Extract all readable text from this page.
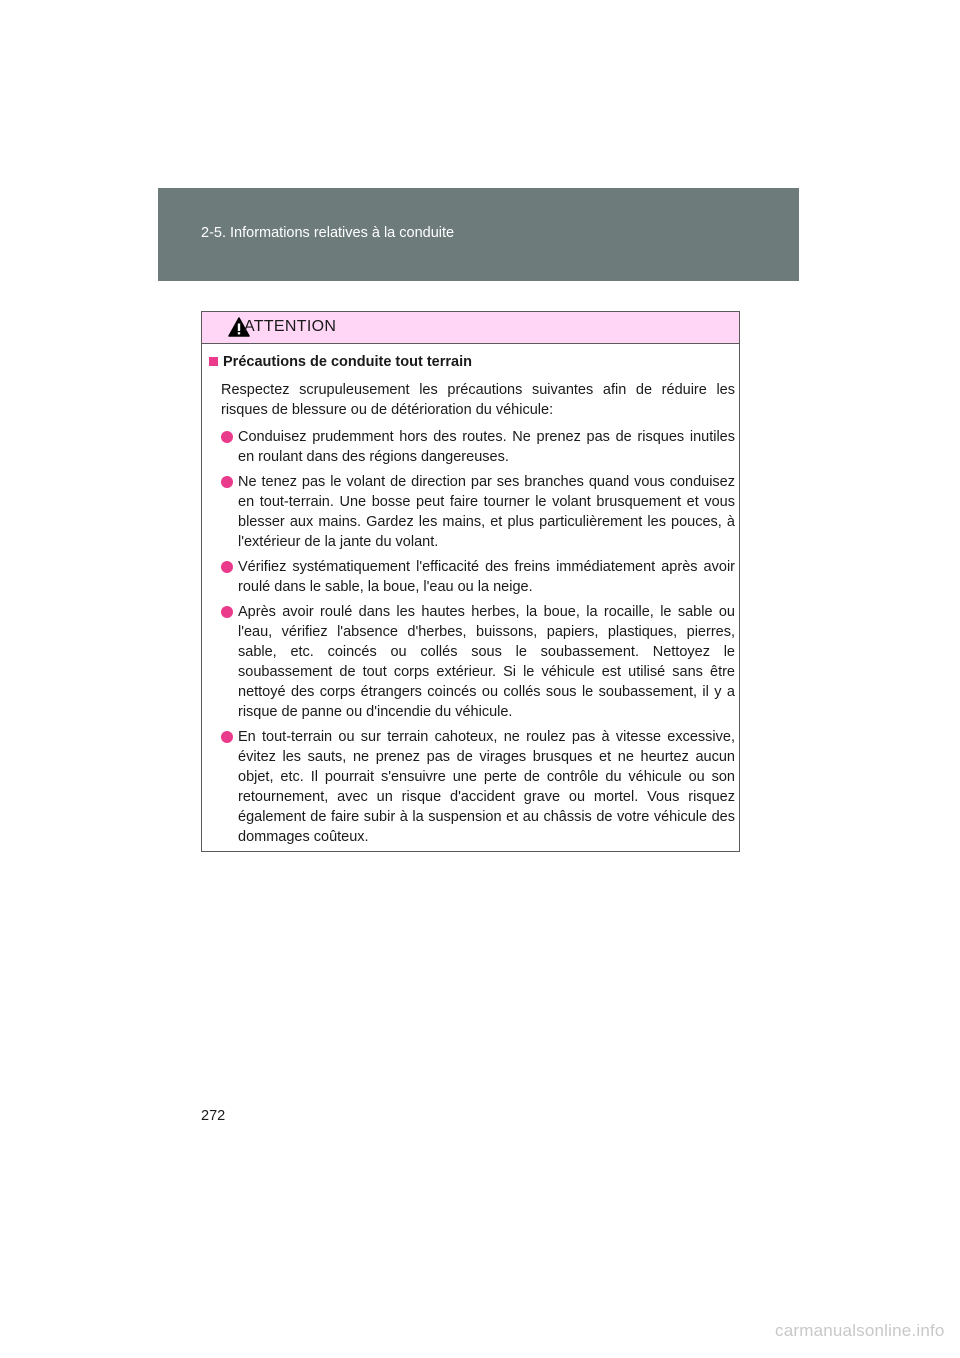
2-5. Informations relatives à la conduite
ATTENTION
Précautions de conduite tout terrain
Respectez scrupuleusement les précautions suivantes afin de réduire les risques de blessure ou de détérioration du véhicule:
Conduisez prudemment hors des routes. Ne prenez pas de risques inutiles en roulant dans des régions dangereuses.
Ne tenez pas le volant de direction par ses branches quand vous conduisez en tout-terrain. Une bosse peut faire tourner le volant brusquement et vous blesser aux mains. Gardez les mains, et plus particulièrement les pouces, à l'extérieur de la jante du volant.
Vérifiez systématiquement l'efficacité des freins immédiatement après avoir roulé dans le sable, la boue, l'eau ou la neige.
Après avoir roulé dans les hautes herbes, la boue, la rocaille, le sable ou l'eau, vérifiez l'absence d'herbes, buissons, papiers, plastiques, pierres, sable, etc. coincés ou collés sous le soubassement. Nettoyez le soubassement de tout corps extérieur. Si le véhicule est utilisé sans être nettoyé des corps étrangers coincés ou collés sous le soubassement, il y a risque de panne ou d'incendie du véhicule.
En tout-terrain ou sur terrain cahoteux, ne roulez pas à vitesse excessive, évitez les sauts, ne prenez pas de virages brusques et ne heurtez aucun objet, etc. Il pourrait s'ensuivre une perte de contrôle du véhicule ou son retournement, avec un risque d'accident grave ou mortel. Vous risquez également de faire subir à la suspension et au châssis de votre véhicule des dommages coûteux.
272
carmanualsonline.info
